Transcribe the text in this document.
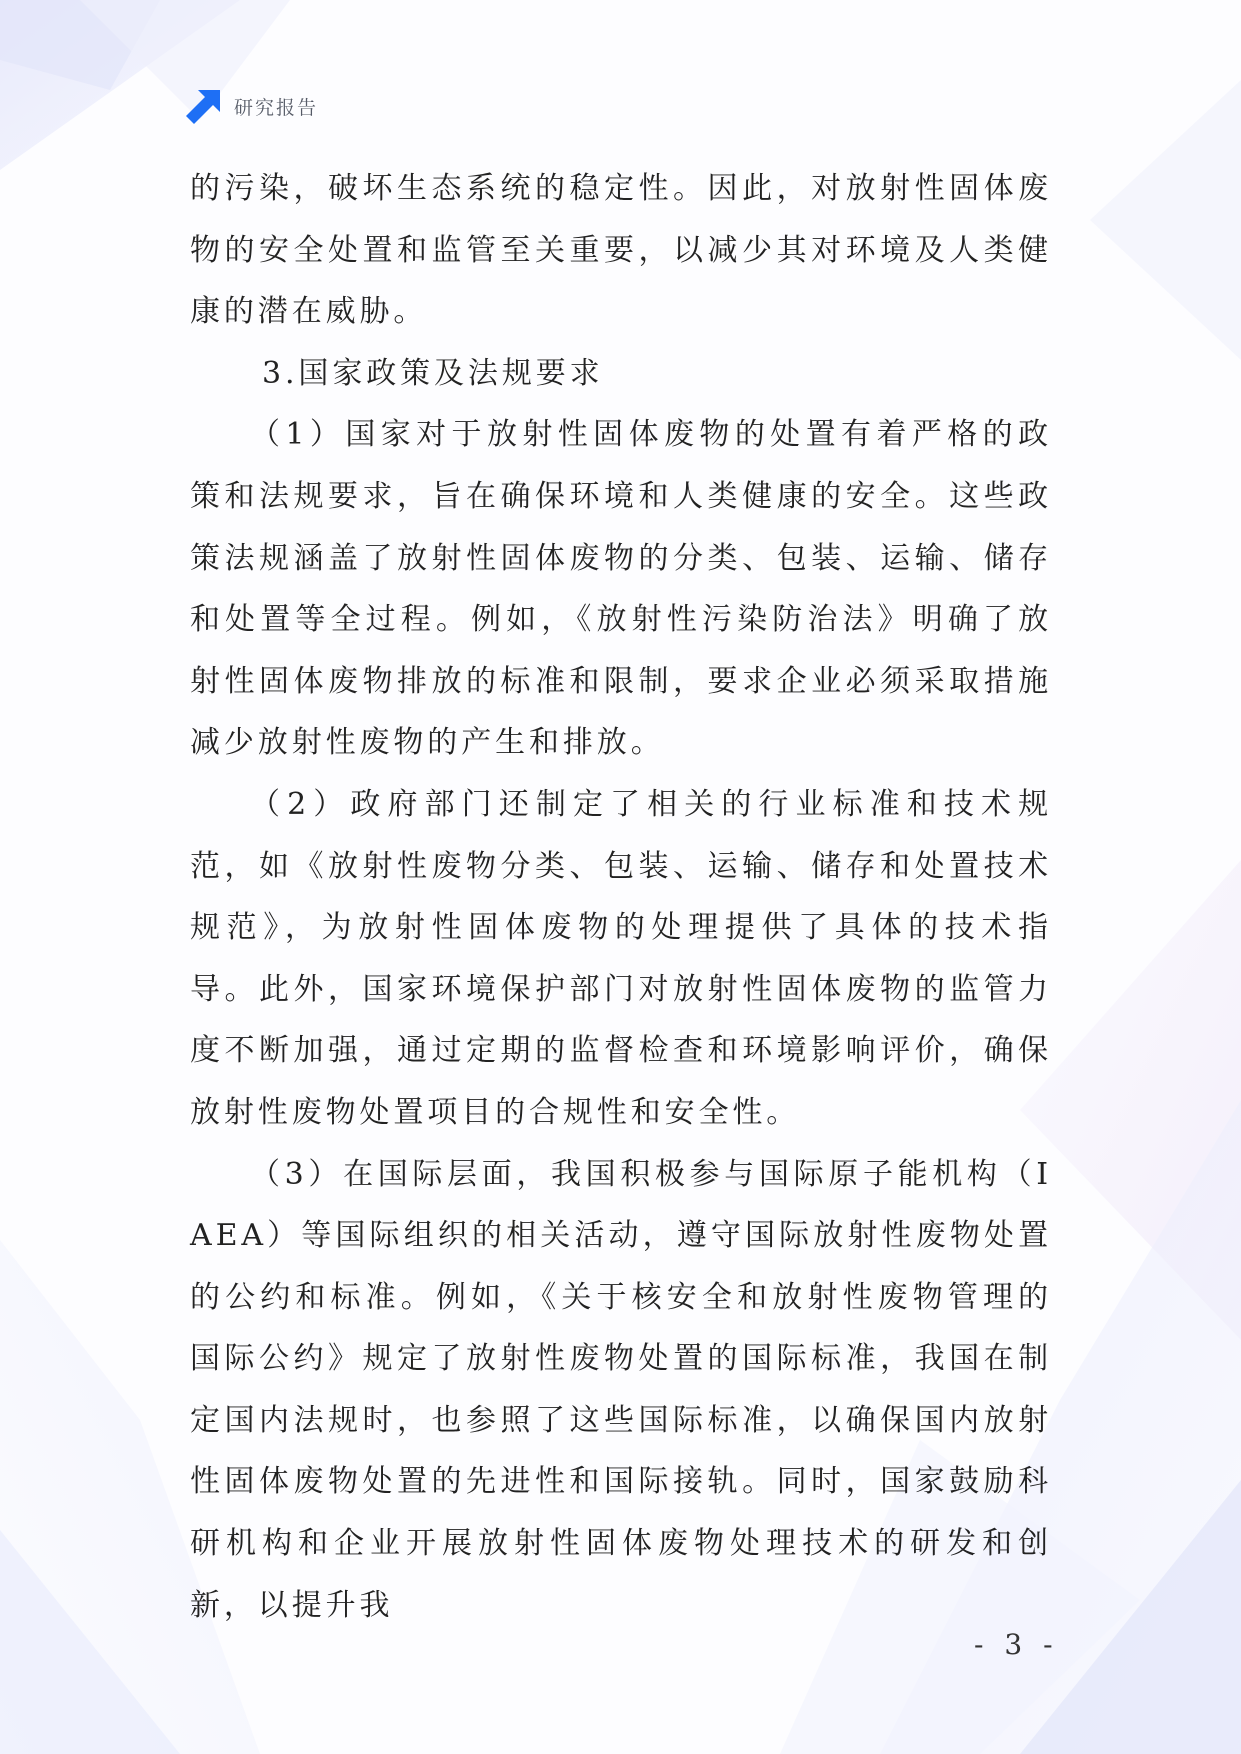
研究报告

的污染，破坏生态系统的稳定性。因此，对放射性固体废物的安全处置和监管至关重要，以减少其对环境及人类健康的潜在威胁。

3.国家政策及法规要求

（1）国家对于放射性固体废物的处置有着严格的政策和法规要求，旨在确保环境和人类健康的安全。这些政策法规涵盖了放射性固体废物的分类、包装、运输、储存和处置等全过程。例如，《放射性污染防治法》明确了放射性固体废物排放的标准和限制，要求企业必须采取措施减少放射性废物的产生和排放。

（2）政府部门还制定了相关的行业标准和技术规范，如《放射性废物分类、包装、运输、储存和处置技术规范》，为放射性固体废物的处理提供了具体的技术指导。此外，国家环境保护部门对放射性固体废物的监管力度不断加强，通过定期的监督检查和环境影响评价，确保放射性废物处置项目的合规性和安全性。

（3）在国际层面，我国积极参与国际原子能机构（IAEA）等国际组织的相关活动，遵守国际放射性废物处置的公约和标准。例如，《关于核安全和放射性废物管理的国际公约》规定了放射性废物处置的国际标准，我国在制定国内法规时，也参照了这些国际标准，以确保国内放射性固体废物处置的先进性和国际接轨。同时，国家鼓励科研机构和企业开展放射性固体废物处理技术的研发和创新，以提升我

- 3 -
